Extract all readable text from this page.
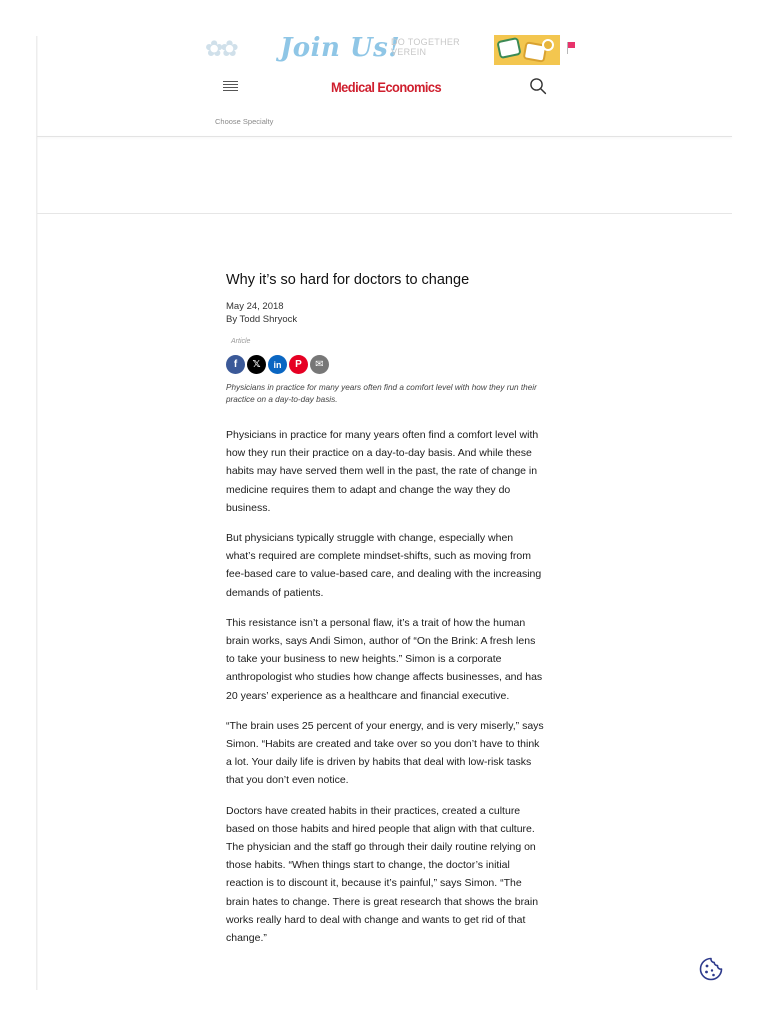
✿✿	Join Us!
DO TOGETHER VEREIN
Medical Economics
Choose Specialty
Why it’s so hard for doctors to change
May 24, 2018
By Todd Shryock
Article
f 𝕏 in P ✉
Physicians in practice for many years often find a comfort level with how they run their practice on a day-to-day basis.

Physicians in practice for many years often find a comfort level with how they run their practice on a day-to-day basis. And while these habits may have served them well in the past, the rate of change in medicine requires them to adapt and change the way they do business.

But physicians typically struggle with change, especially when what’s required are complete mindset-shifts, such as moving from fee-based care to value-based care, and dealing with the increasing demands of patients.

This resistance isn’t a personal flaw, it’s a trait of how the human brain works, says Andi Simon, author of “On the Brink: A fresh lens to take your business to new heights.” Simon is a corporate anthropologist who studies how change affects businesses, and has 20 years’ experience as a healthcare and financial executive.

“The brain uses 25 percent of your energy, and is very miserly,” says Simon. “Habits are created and take over so you don’t have to think a lot. Your daily life is driven by habits that deal with low-risk tasks that you don’t even notice.

Doctors have created habits in their practices, created a culture based on those habits and hired people that align with that culture. The physician and the staff go through their daily routine relying on those habits. “When things start to change, the doctor’s initial reaction is to discount it, because it’s painful,” says Simon. “The brain hates to change. There is great research that shows the brain works really hard to deal with change and wants to get rid of that change.”
